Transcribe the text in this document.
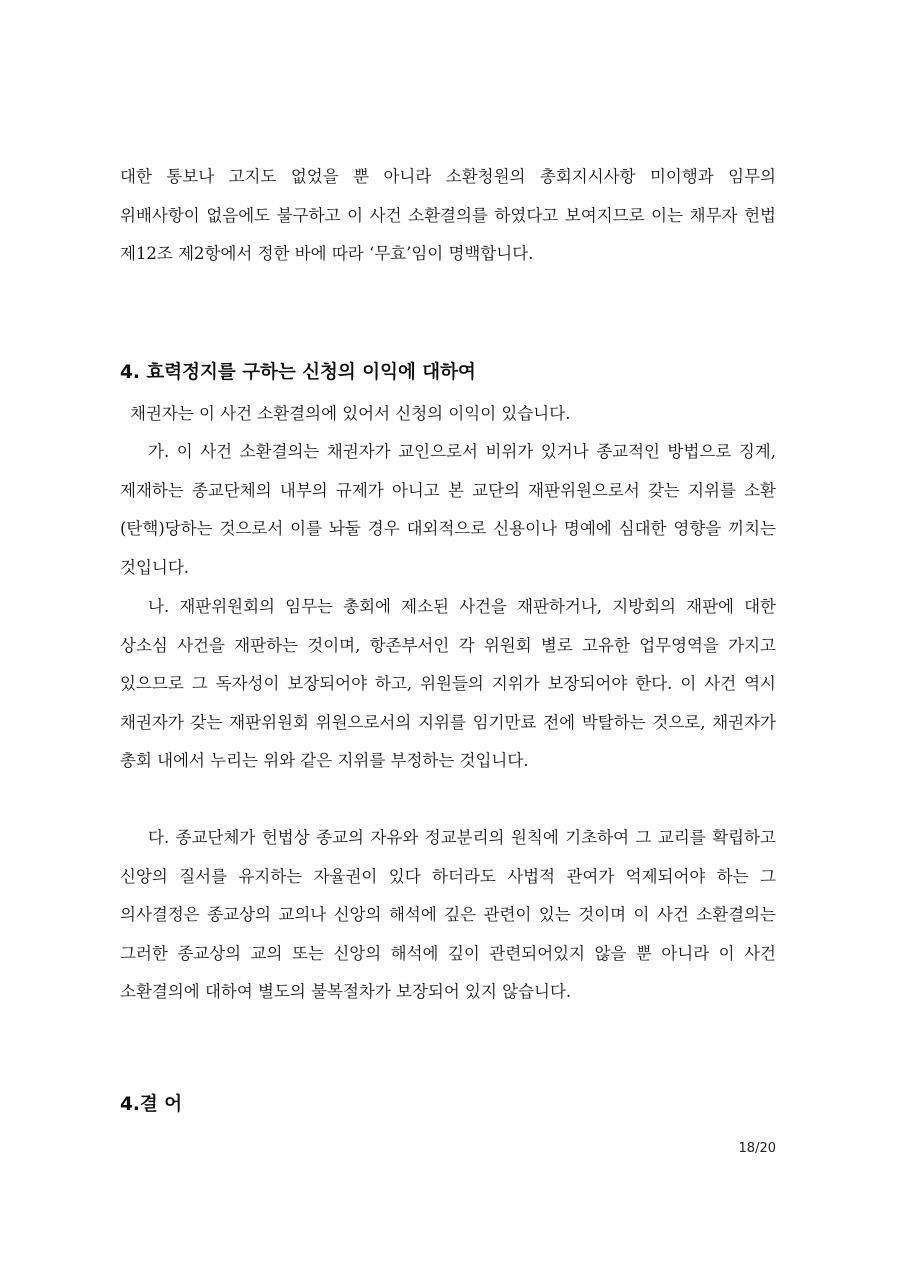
대한 통보나 고지도 없었을 뿐 아니라 소환청원의 총회지시사항 미이행과 임무의 위배사항이 없음에도 불구하고 이 사건 소환결의를 하였다고 보여지므로 이는 채무자 헌법 제12조 제2항에서 정한 바에 따라 ‘무효’임이 명백합니다.

4. 효력정지를 구하는 신청의 이익에 대하여

채권자는 이 사건 소환결의에 있어서 신청의 이익이 있습니다.

가. 이 사건 소환결의는 채권자가 교인으로서 비위가 있거나 종교적인 방법으로 징계,제재하는 종교단체의 내부의 규제가 아니고 본 교단의 재판위원으로서 갖는 지위를 소환(탄핵)당하는 것으로서 이를 놔둘 경우 대외적으로 신용이나 명예에 심대한 영향을 끼치는 것입니다.

나. 재판위원회의 임무는 총회에 제소된 사건을 재판하거나, 지방회의 재판에 대한 상소심 사건을 재판하는 것이며, 항존부서인 각 위원회 별로 고유한 업무영역을 가지고 있으므로 그 독자성이 보장되어야 하고, 위원들의 지위가 보장되어야 한다. 이 사건 역시 채권자가 갖는 재판위원회 위원으로서의 지위를 임기만료 전에 박탈하는 것으로, 채권자가 총회 내에서 누리는 위와 같은 지위를 부정하는 것입니다.

다. 종교단체가 헌법상 종교의 자유와 정교분리의 원칙에 기초하여 그 교리를 확립하고 신앙의 질서를 유지하는 자율권이 있다 하더라도 사법적 관여가 억제되어야 하는 그 의사결정은 종교상의 교의나 신앙의 해석에 깊은 관련이 있는 것이며 이 사건 소환결의는 그러한 종교상의 교의 또는 신앙의 해석에 깊이 관련되어있지 않을 뿐 아니라 이 사건 소환결의에 대하여 별도의 불복절차가 보장되어 있지 않습니다.

4.결 어
18/20
